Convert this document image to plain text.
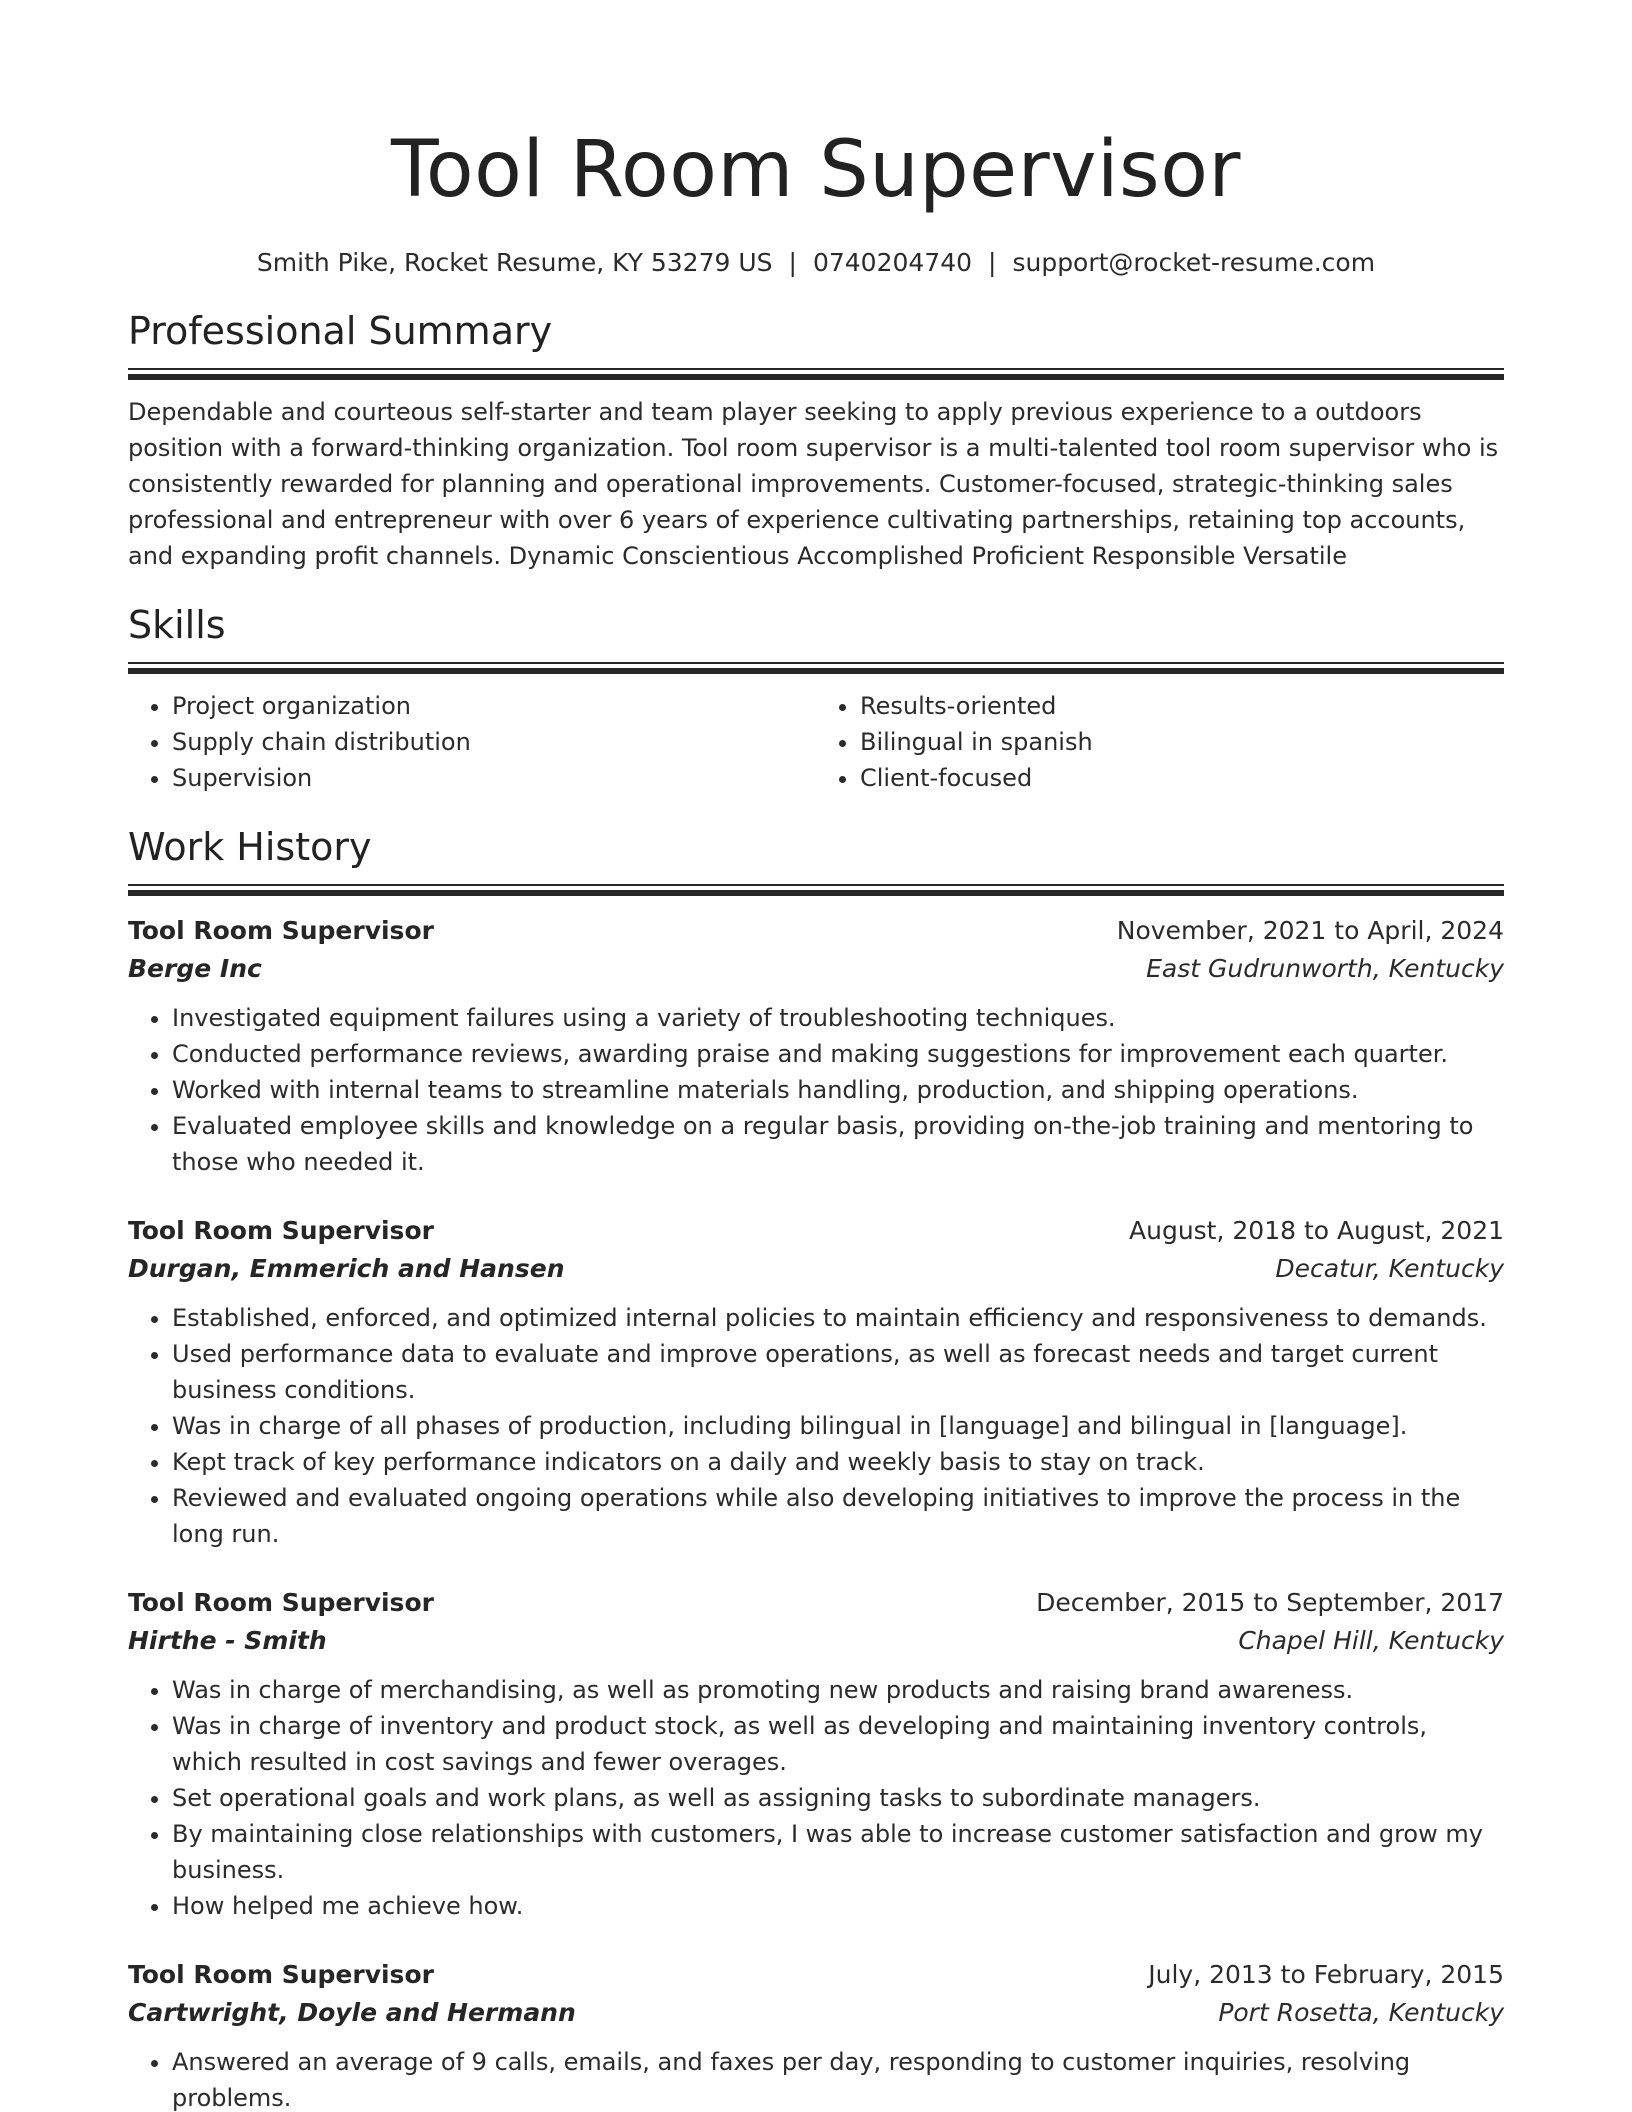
Tool Room Supervisor
Smith Pike, Rocket Resume, KY 53279 US | 0740204740 | support@rocket-resume.com
Professional Summary

Dependable and courteous self-starter and team player seeking to apply previous experience to a outdoors position with a forward-thinking organization. Tool room supervisor is a multi-talented tool room supervisor who is consistently rewarded for planning and operational improvements. Customer-focused, strategic-thinking sales professional and entrepreneur with over 6 years of experience cultivating partnerships, retaining top accounts, and expanding profit channels. Dynamic Conscientious Accomplished Proficient Responsible Versatile

Skills
• Project organization
• Supply chain distribution
• Supervision
• Results-oriented
• Bilingual in spanish
• Client-focused
Work History
Tool Room Supervisor	November, 2021 to April, 2024
Berge Inc	East Gudrunworth, Kentucky
• Investigated equipment failures using a variety of troubleshooting techniques.
• Conducted performance reviews, awarding praise and making suggestions for improvement each quarter.
• Worked with internal teams to streamline materials handling, production, and shipping operations.
• Evaluated employee skills and knowledge on a regular basis, providing on-the-job training and mentoring to those who needed it.
Tool Room Supervisor	August, 2018 to August, 2021
Durgan, Emmerich and Hansen	Decatur, Kentucky
• Established, enforced, and optimized internal policies to maintain efficiency and responsiveness to demands.
• Used performance data to evaluate and improve operations, as well as forecast needs and target current business conditions.
• Was in charge of all phases of production, including bilingual in [language] and bilingual in [language].
• Kept track of key performance indicators on a daily and weekly basis to stay on track.
• Reviewed and evaluated ongoing operations while also developing initiatives to improve the process in the long run.
Tool Room Supervisor	December, 2015 to September, 2017
Hirthe - Smith	Chapel Hill, Kentucky
• Was in charge of merchandising, as well as promoting new products and raising brand awareness.
• Was in charge of inventory and product stock, as well as developing and maintaining inventory controls, which resulted in cost savings and fewer overages.
• Set operational goals and work plans, as well as assigning tasks to subordinate managers.
• By maintaining close relationships with customers, I was able to increase customer satisfaction and grow my business.
• How helped me achieve how.
Tool Room Supervisor	July, 2013 to February, 2015
Cartwright, Doyle and Hermann	Port Rosetta, Kentucky
• Answered an average of 9 calls, emails, and faxes per day, responding to customer inquiries, resolving problems.
